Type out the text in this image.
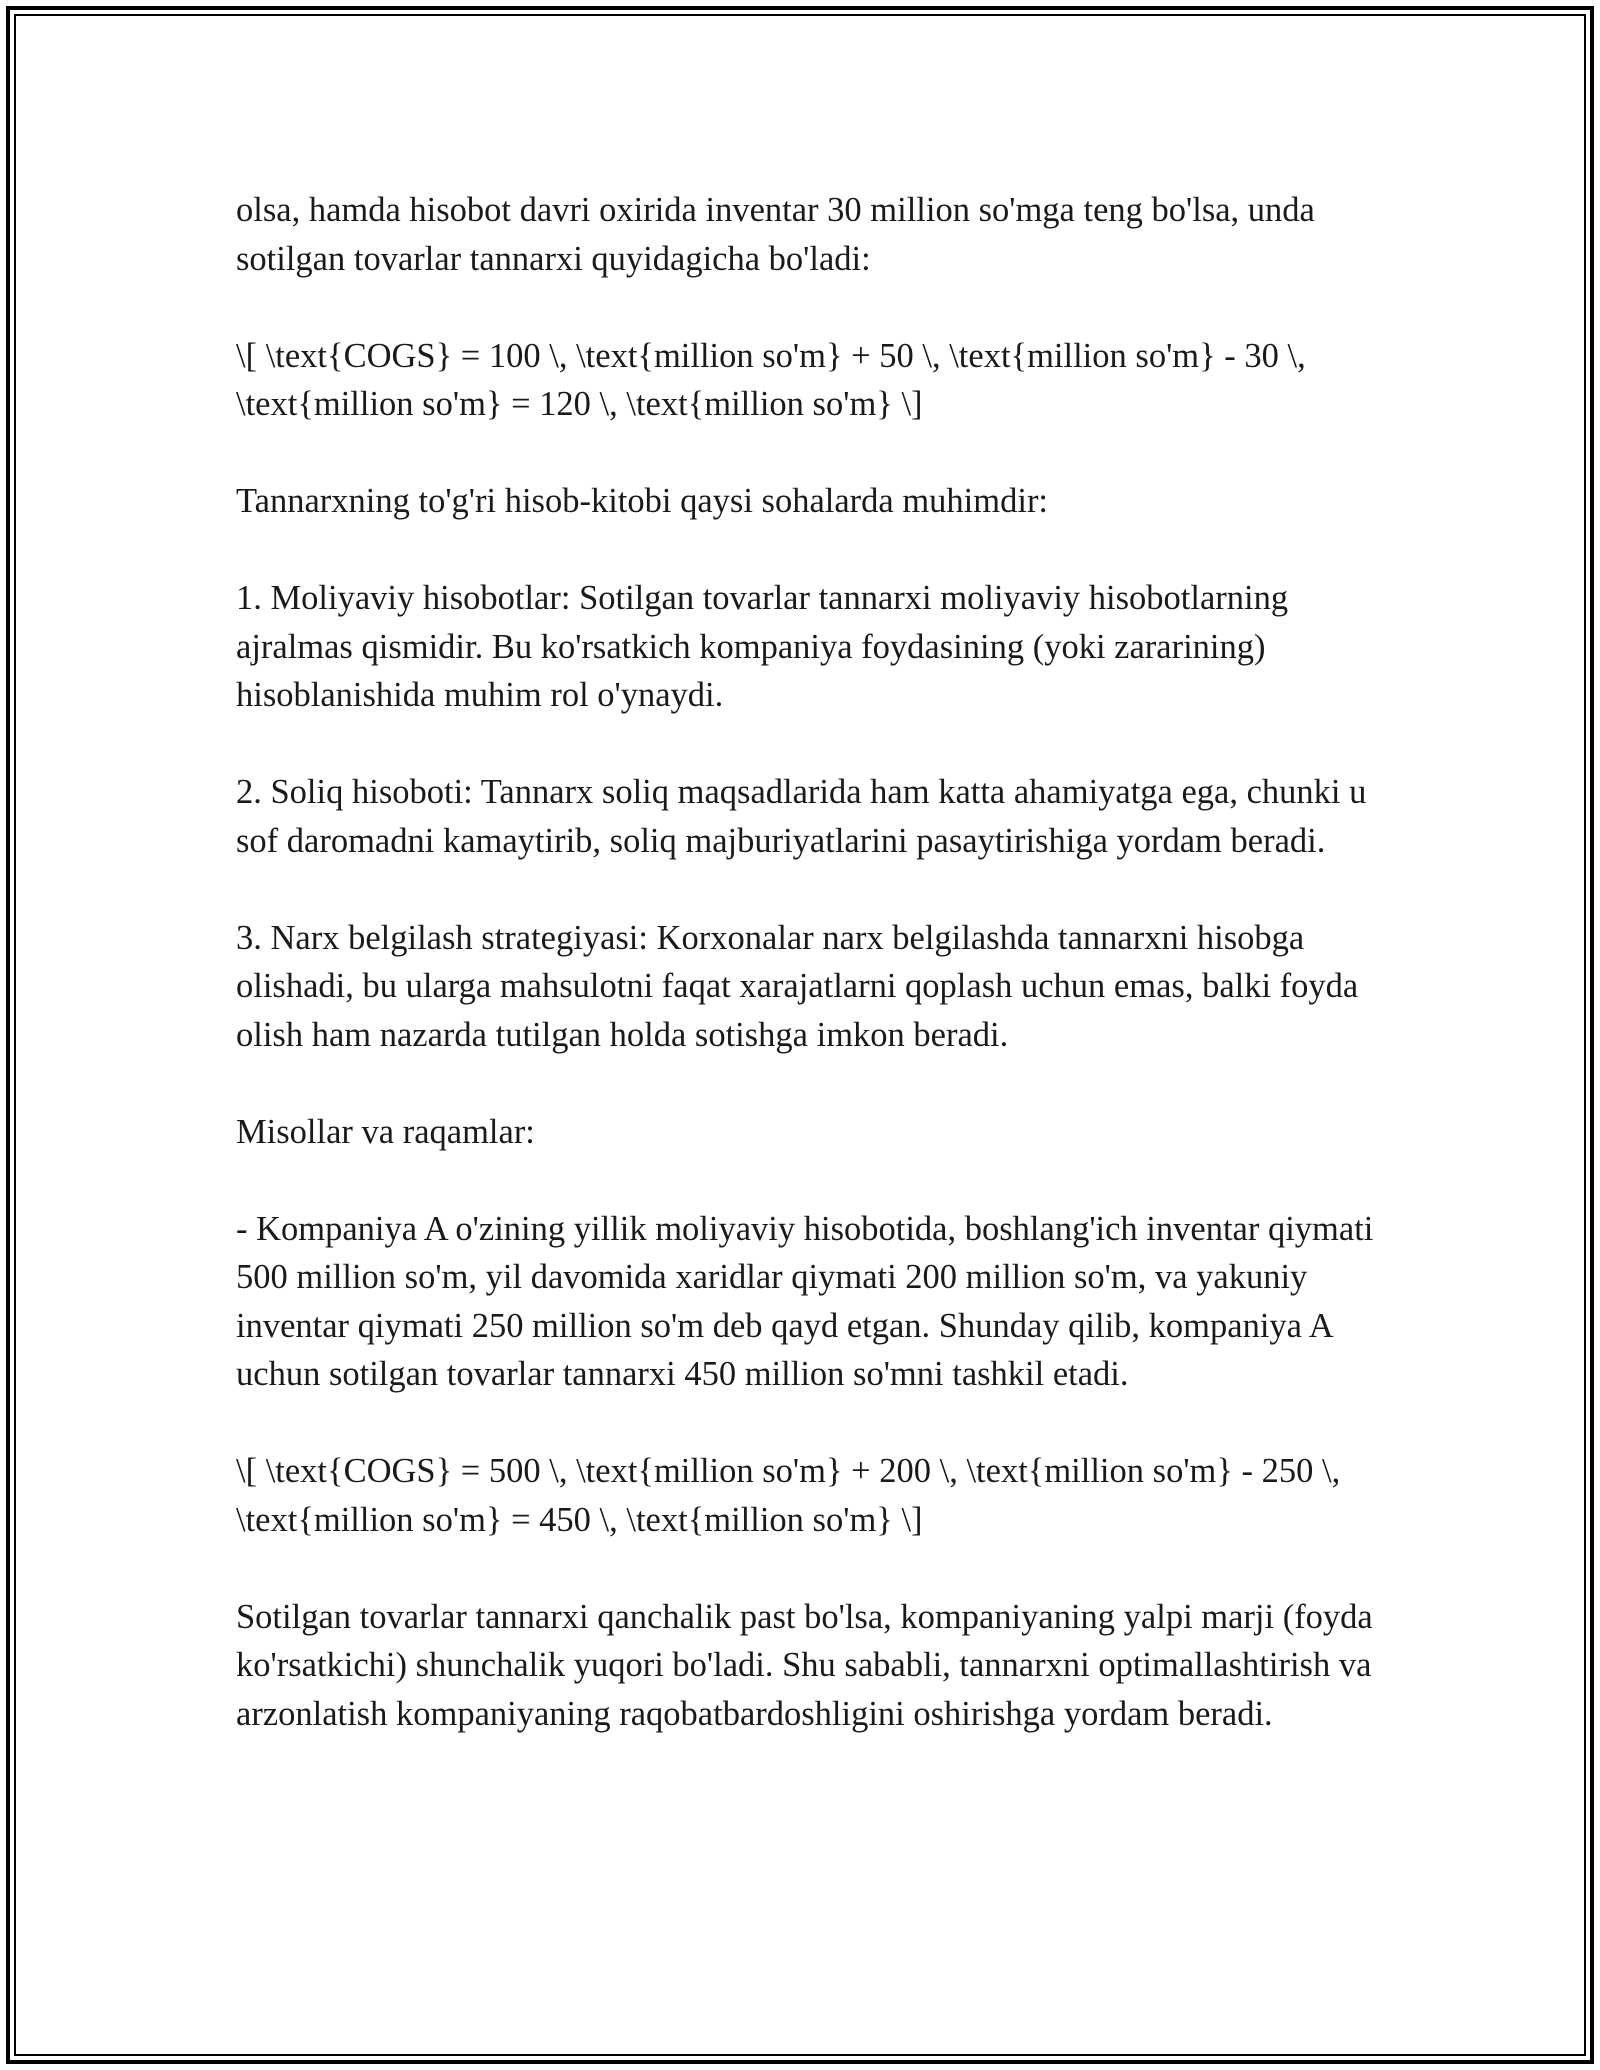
olsa, hamda hisobot davri oxirida inventar 30 million so'mga teng bo'lsa, unda sotilgan tovarlar tannarxi quyidagicha bo'ladi:

\[ \text{COGS} = 100 \, \text{million so'm} + 50 \, \text{million so'm} - 30 \, \text{million so'm} = 120 \, \text{million so'm} \]

Tannarxning to'g'ri hisob-kitobi qaysi sohalarda muhimdir:

1. Moliyaviy hisobotlar: Sotilgan tovarlar tannarxi moliyaviy hisobotlarning ajralmas qismidir. Bu ko'rsatkich kompaniya foydasining (yoki zararining) hisoblanishida muhim rol o'ynaydi.

2. Soliq hisoboti: Tannarx soliq maqsadlarida ham katta ahamiyatga ega, chunki u sof daromadni kamaytirib, soliq majburiyatlarini pasaytirishiga yordam beradi.

3. Narx belgilash strategiyasi: Korxonalar narx belgilashda tannarxni hisobga olishadi, bu ularga mahsulotni faqat xarajatlarni qoplash uchun emas, balki foyda olish ham nazarda tutilgan holda sotishga imkon beradi.

Misollar va raqamlar:

- Kompaniya A o'zining yillik moliyaviy hisobotida, boshlang'ich inventar qiymati 500 million so'm, yil davomida xaridlar qiymati 200 million so'm, va yakuniy inventar qiymati 250 million so'm deb qayd etgan. Shunday qilib, kompaniya A uchun sotilgan tovarlar tannarxi 450 million so'mni tashkil etadi.

\[ \text{COGS} = 500 \, \text{million so'm} + 200 \, \text{million so'm} - 250 \, \text{million so'm} = 450 \, \text{million so'm} \]

Sotilgan tovarlar tannarxi qanchalik past bo'lsa, kompaniyaning yalpi marji (foyda ko'rsatkichi) shunchalik yuqori bo'ladi. Shu sababli, tannarxni optimallashtirish va arzonlatish kompaniyaning raqobatbardoshligini oshirishga yordam beradi.
